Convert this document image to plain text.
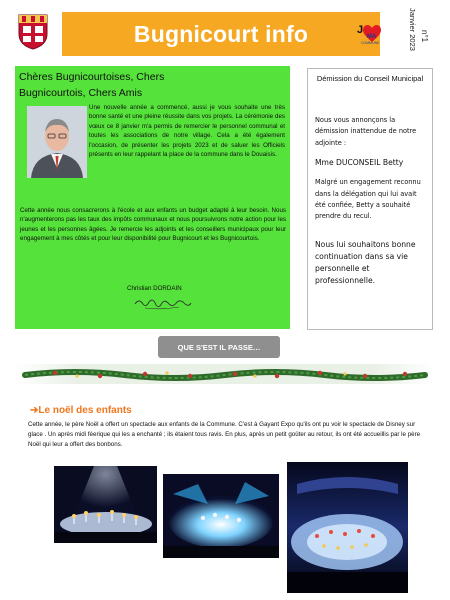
Bugnicourt info	J
MA
COMMUNE	Janvier 2023 n°1
Chères Bugnicourtoises, Chers
Bugnicourtois, Chers Amis
Une nouvelle année a commencé, aussi je vous souhaite une très bonne santé et une pleine réussite dans vos projets. La cérémonie des vœux ce 8 janvier m'a permis de remercier le personnel communal et toutes les associations de notre village. Cela a été également l'occasion, de présenter les projets 2023 et de saluer les Officiels présents en leur rappelant la place de la commune dans le Douaisis.
Cette année nous consacrerons à l'école et aux enfants un budget adapté à leur besoin. Nous n'augmenterons pas les taux des impôts communaux et nous poursuivrons notre action pour les jeunes et les personnes âgées. Je remercie les adjoints et les conseillers municipaux pour leur engagement à mes côtés et pour leur disponibilité pour Bugnicourt et les Bugnicourtois.
Christian DORDAIN
Démission du Conseil Municipal

Nous vous annonçons la démission inattendue de notre adjointe :

Mme DUCONSEIL Betty

Malgré un engagement reconnu dans la délégation qui lui avait été confiée, Betty a souhaité prendre du recul.

Nous lui souhaitons bonne continuation dans sa vie personnelle et professionnelle.

QUE S'EST IL PASSE…
➔Le noël des enfants
Cette année, le père Noël a offert un spectacle aux enfants de la Commune. C'est à Gayant Expo qu'ils ont pu voir le spectacle de Disney sur glace . Un après midi féerique qui les a enchanté ; ils étaient tous ravis. En plus, après un petit goûter au retour, ils ont été accueillis par le père Noël qui leur a offert des bonbons.
